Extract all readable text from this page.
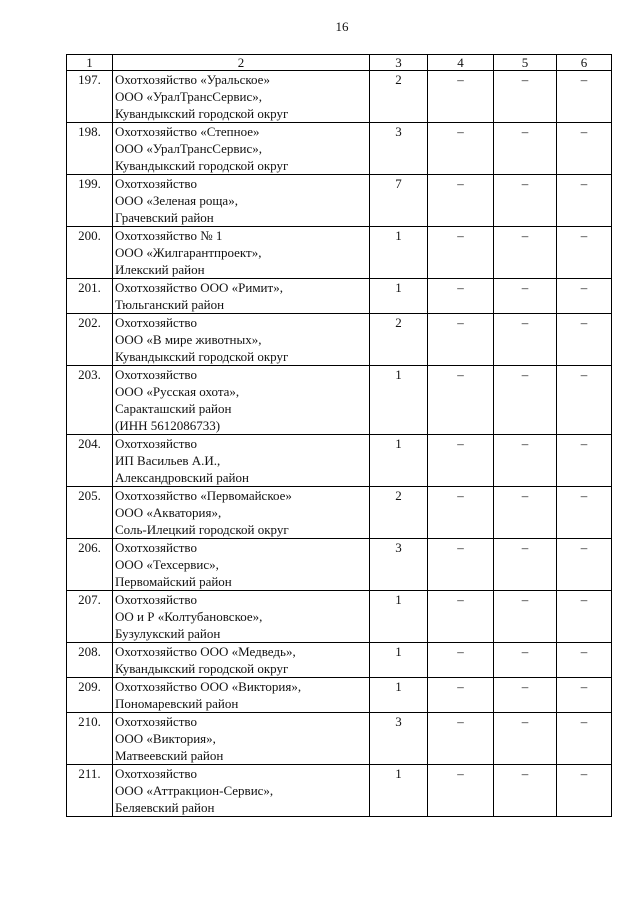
16
1	2	3	4	5	6
197.	Охотхозяйство «Уральское»
ООО «УралТрансСервис»,
Кувандыкский городской округ	2	–	–	–
198.	Охотхозяйство «Степное»
ООО «УралТрансСервис»,
Кувандыкский городской округ	3	–	–	–
199.	Охотхозяйство
ООО «Зеленая роща»,
Грачевский район	7	–	–	–
200.	Охотхозяйство № 1
ООО «Жилгарантпроект»,
Илекский район	1	–	–	–
201.	Охотхозяйство ООО «Римит»,
Тюльганский район	1	–	–	–
202.	Охотхозяйство
ООО «В мире животных»,
Кувандыкский городской округ	2	–	–	–
203.	Охотхозяйство
ООО «Русская охота»,
Саракташский район
(ИНН 5612086733)	1	–	–	–
204.	Охотхозяйство
ИП Васильев А.И.,
Александровский район	1	–	–	–
205.	Охотхозяйство «Первомайское»
ООО «Акватория»,
Соль-Илецкий городской округ	2	–	–	–
206.	Охотхозяйство
ООО «Техсервис»,
Первомайский район	3	–	–	–
207.	Охотхозяйство
ОО и Р «Колтубановское»,
Бузулукский район	1	–	–	–
208.	Охотхозяйство ООО «Медведь»,
Кувандыкский городской округ	1	–	–	–
209.	Охотхозяйство ООО «Виктория»,
Пономаревский район	1	–	–	–
210.	Охотхозяйство
ООО «Виктория»,
Матвеевский район	3	–	–	–
211.	Охотхозяйство
ООО «Аттракцион-Сервис»,
Беляевский район	1	–	–	–
